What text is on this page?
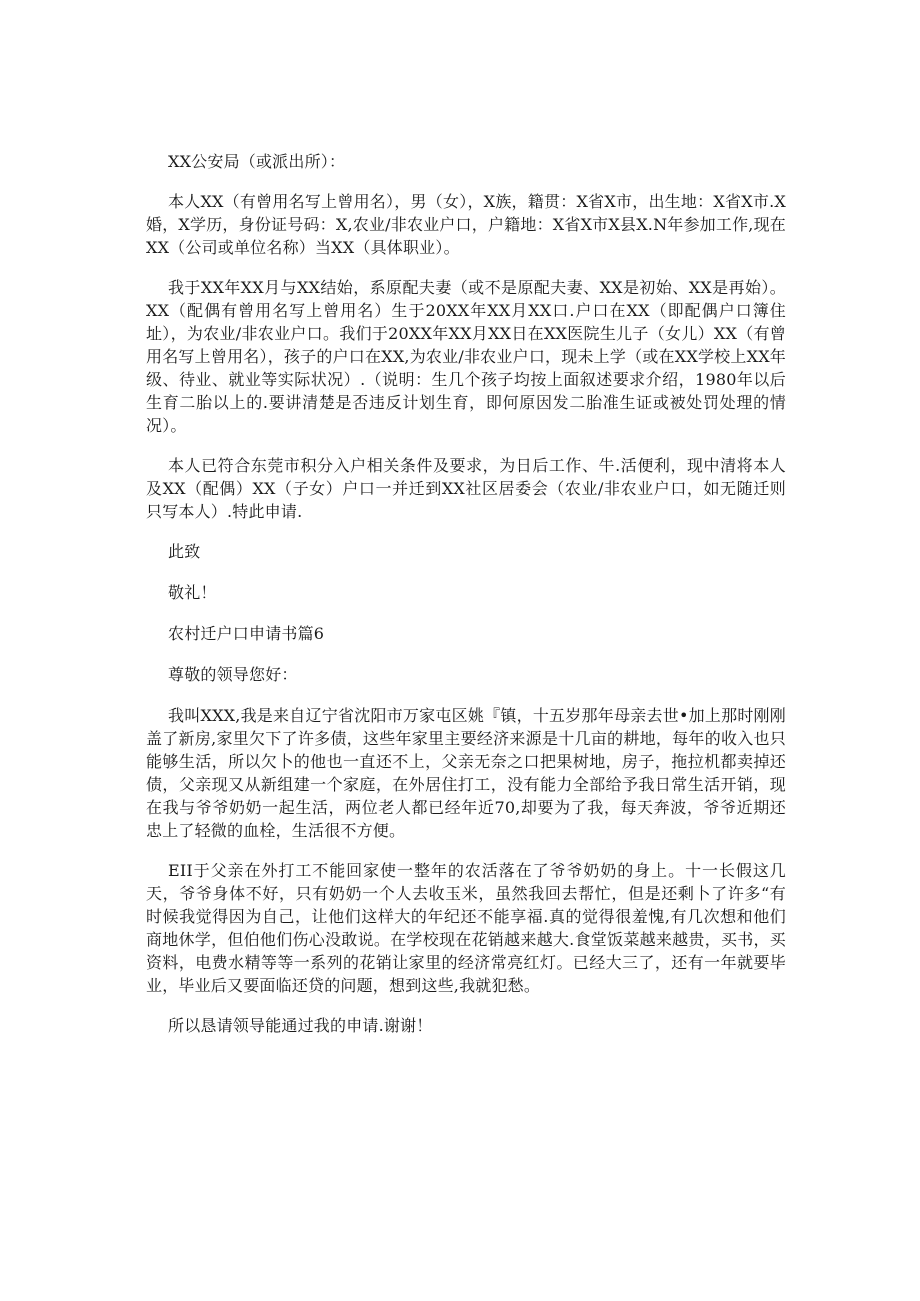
XX公安局（或派出所）：

本人XX（有曾用名写上曾用名），男（女），X族，籍贯：X省X市，出生地：X省X市.X婚，X学历，身份证号码：X,农业/非农业户口，户籍地：X省X市X县X.N年参加工作,现在XX（公司或单位名称）当XX（具体职业）。

我于XX年XX月与XX结始，系原配夫妻（或不是原配夫妻、XX是初始、XX是再始）。XX（配偶有曾用名写上曾用名）生于20XX年XX月XX口.户口在XX（即配偶户口簿住址），为农业/非农业户口。我们于20XX年XX月XX日在XX医院生儿子（女儿）XX（有曾用名写上曾用名），孩子的户口在XX,为农业/非农业户口，现未上学（或在XX学校上XX年级、待业、就业等实际状况）.（说明：生几个孩子均按上面叙述要求介绍，1980年以后生育二胎以上的.要讲清楚是否违反计划生育，即何原因发二胎准生证或被处罚处理的情况）。

本人已符合东莞市积分入户相关条件及要求，为日后工作、牛.活便利，现中清将本人及XX（配偶）XX（子女）户口一并迁到XX社区居委会（农业/非农业户口，如无随迁则只写本人）.特此申请.

此致

敬礼！

农村迁户口申请书篇6

尊敬的领导您好：

我叫XXX,我是来自辽宁省沈阳市万家屯区姚『镇，十五岁那年母亲去世•加上那时刚刚盖了新房,家里欠下了许多债，这些年家里主要经济来源是十几亩的耕地，每年的收入也只能够生活，所以欠卜的他也一直还不上，父亲无奈之口把果树地，房子，拖拉机都卖掉还债，父亲现又从新组建一个家庭，在外居住打工，没有能力全部给予我日常生活开销，现在我与爷爷奶奶一起生活，两位老人都已经年近70,却要为了我，每天奔波，爷爷近期还忠上了轻微的血栓，生活很不方便。

EII于父亲在外打工不能回家使一整年的农活落在了爷爷奶奶的身上。十一长假这几天，爷爷身体不好，只有奶奶一个人去收玉米，虽然我回去帮忙，但是还剩卜了许多“有时候我觉得因为自己，让他们这样大的年纪还不能享福.真的觉得很羞愧,有几次想和他们商地休学，但伯他们伤心没敢说。在学校现在花销越来越大.食堂饭菜越来越贵，买书，买资料，电费水精等等一系列的花销让家里的经济常亮红灯。已经大三了，还有一年就要毕业，毕业后又要面临还贷的问题，想到这些,我就犯愁。

所以恳请领导能通过我的申请.谢谢！
